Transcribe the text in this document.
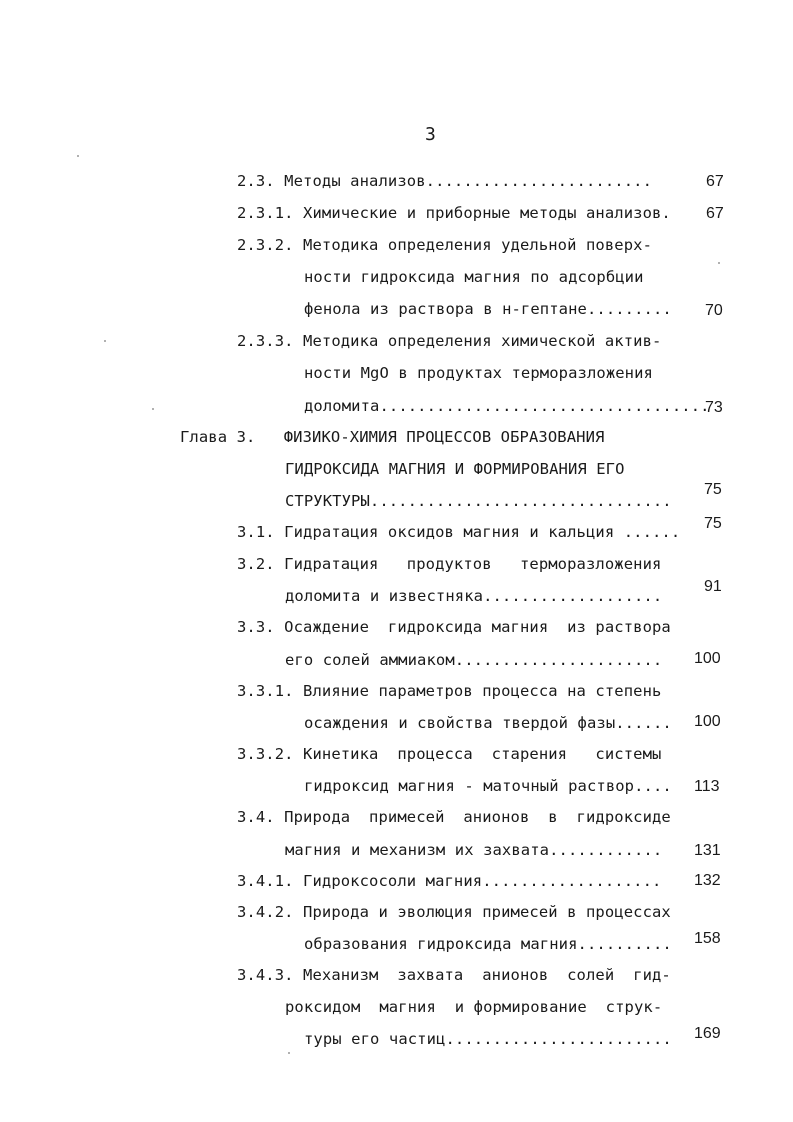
3
2.3. Методы анализов........................	67
2.3.1. Химические и приборные методы анализов. 67
2.3.2. Методика определения удельной поверх-
ности гидроксида магния по адсорбции
фенола из раствора в н-гептане......... 70
2.3.3. Методика определения химической актив-
ности MgO в продуктах терморазложения
доломита...................................
73
Глава 3.   ФИЗИКО-ХИМИЯ ПРОЦЕССОВ ОБРАЗОВАНИЯ
ГИДРОКСИДА МАГНИЯ И ФОРМИРОВАНИЯ ЕГО
СТРУКТУРЫ................................
75
3.1. Гидратация оксидов магния и кальция ...... 75
3.2. Гидратация   продуктов   терморазложения
доломита и известняка...................
91
3.3. Осаждение  гидроксида магния  из раствора
его солей аммиаком...................... 100
3.3.1. Влияние параметров процесса на степень
осаждения и свойства твердой фазы...... 100
3.3.2. Кинетика  процесса  старения   системы
гидроксид магния - маточный раствор.... 113
3.4. Природа  примесей  анионов  в  гидроксиде
магния и механизм их захвата............ 131
3.4.1. Гидроксосоли магния................... 132
3.4.2. Природа и эволюция примесей в процессах
образования гидроксида магния.......... 158
3.4.3. Механизм  захвата  анионов  солей  гид-
роксидом  магния  и формирование  струк-
туры его частиц........................ 169
